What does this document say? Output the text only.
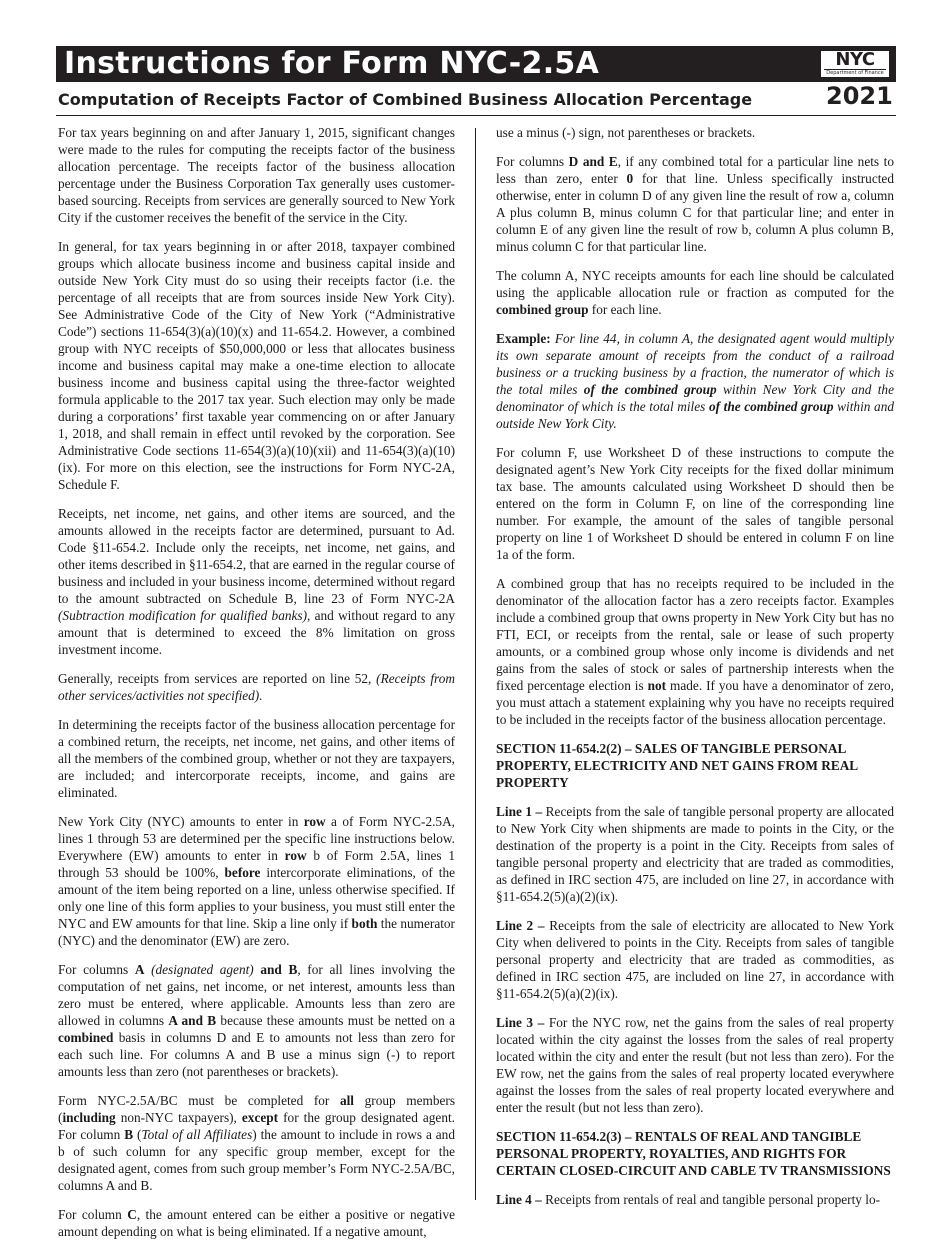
Instructions for Form NYC-2.5A	NYC
Department of Finance
Computation of Receipts Factor of Combined Business Allocation Percentage	2021

For tax years beginning on and after January 1, 2015, significant changes were made to the rules for computing the receipts factor of the business allocation percentage. The receipts factor of the business allocation percentage under the Business Corporation Tax generally uses customer-based sourcing. Receipts from services are generally sourced to New York City if the customer receives the benefit of the service in the City.

In general, for tax years beginning in or after 2018, taxpayer combined groups which allocate business income and business capital inside and outside New York City must do so using their receipts factor (i.e. the percentage of all receipts that are from sources inside New York City). See Administrative Code of the City of New York (“Administrative Code”) sections 11-654(3)(a)(10)(x) and 11-654.2. However, a combined group with NYC receipts of $50,000,000 or less that allocates business income and business capital may make a one-time election to allocate business income and business capital using the three-factor weighted formula applicable to the 2017 tax year. Such election may only be made during a corporations’ first taxable year commencing on or after January 1, 2018, and shall remain in effect until revoked by the corporation. See Administrative Code sections 11-654(3)(a)(10)(xii) and 11-654(3)(a)(10)(ix). For more on this election, see the instructions for Form NYC-2A, Schedule F.

Receipts, net income, net gains, and other items are sourced, and the amounts allowed in the receipts factor are determined, pursuant to Ad. Code §11-654.2. Include only the receipts, net income, net gains, and other items described in §11-654.2, that are earned in the regular course of business and included in your business income, determined without regard to the amount subtracted on Schedule B, line 23 of Form NYC-2A (Subtraction modification for qualified banks), and without regard to any amount that is determined to exceed the 8% limitation on gross investment income.

Generally, receipts from services are reported on line 52, (Receipts from other services/activities not specified).

In determining the receipts factor of the business allocation percentage for a combined return, the receipts, net income, net gains, and other items of all the members of the combined group, whether or not they are taxpayers, are included; and intercorporate receipts, income, and gains are eliminated.

New York City (NYC) amounts to enter in row a of Form NYC-2.5A, lines 1 through 53 are determined per the specific line instructions below. Everywhere (EW) amounts to enter in row b of Form 2.5A, lines 1 through 53 should be 100%, before intercorporate eliminations, of the amount of the item being reported on a line, unless otherwise specified. If only one line of this form applies to your business, you must still enter the NYC and EW amounts for that line. Skip a line only if both the numerator (NYC) and the denominator (EW) are zero.

For columns A (designated agent) and B, for all lines involving the computation of net gains, net income, or net interest, amounts less than zero must be entered, where applicable. Amounts less than zero are allowed in columns A and B because these amounts must be netted on a combined basis in columns D and E to amounts not less than zero for each such line. For columns A and B use a minus sign (-) to report amounts less than zero (not parentheses or brackets).

Form NYC-2.5A/BC must be completed for all group members (including non-NYC taxpayers), except for the group designated agent. For column B (Total of all Affiliates) the amount to include in rows a and b of such column for any specific group member, except for the designated agent, comes from such group member’s Form NYC-2.5A/BC, columns A and B.

For column C, the amount entered can be either a positive or negative amount depending on what is being eliminated. If a negative amount,

use a minus (-) sign, not parentheses or brackets.

For columns D and E, if any combined total for a particular line nets to less than zero, enter 0 for that line. Unless specifically instructed otherwise, enter in column D of any given line the result of row a, column A plus column B, minus column C for that particular line; and enter in column E of any given line the result of row b, column A plus column B, minus column C for that particular line.

The column A, NYC receipts amounts for each line should be calculated using the applicable allocation rule or fraction as computed for the combined group for each line.

Example: For line 44, in column A, the designated agent would multiply its own separate amount of receipts from the conduct of a railroad business or a trucking business by a fraction, the numerator of which is the total miles of the combined group within New York City and the denominator of which is the total miles of the combined group within and outside New York City.

For column F, use Worksheet D of these instructions to compute the designated agent’s New York City receipts for the fixed dollar minimum tax base. The amounts calculated using Worksheet D should then be entered on the form in Column F, on line of the corresponding line number. For example, the amount of the sales of tangible personal property on line 1 of Worksheet D should be entered in column F on line 1a of the form.

A combined group that has no receipts required to be included in the denominator of the allocation factor has a zero receipts factor. Examples include a combined group that owns property in New York City but has no FTI, ECI, or receipts from the rental, sale or lease of such property amounts, or a combined group whose only income is dividends and net gains from the sales of stock or sales of partnership interests when the fixed percentage election is not made. If you have a denominator of zero, you must attach a statement explaining why you have no receipts required to be included in the receipts factor of the business allocation percentage.

SECTION 11-654.2(2) – SALES OF TANGIBLE PERSONAL PROPERTY, ELECTRICITY AND NET GAINS FROM REAL PROPERTY

Line 1 – Receipts from the sale of tangible personal property are allocated to New York City when shipments are made to points in the City, or the destination of the property is a point in the City. Receipts from sales of tangible personal property and electricity that are traded as commodities, as defined in IRC section 475, are included on line 27, in accordance with §11-654.2(5)(a)(2)(ix).

Line 2 – Receipts from the sale of electricity are allocated to New York City when delivered to points in the City. Receipts from sales of tangible personal property and electricity that are traded as commodities, as defined in IRC section 475, are included on line 27, in accordance with §11-654.2(5)(a)(2)(ix).

Line 3 – For the NYC row, net the gains from the sales of real property located within the city against the losses from the sales of real property located within the city and enter the result (but not less than zero). For the EW row, net the gains from the sales of real property located everywhere against the losses from the sales of real property located everywhere and enter the result (but not less than zero).

SECTION 11-654.2(3) – RENTALS OF REAL AND TANGIBLE PERSONAL PROPERTY, ROYALTIES, AND RIGHTS FOR CERTAIN CLOSED-CIRCUIT AND CABLE TV TRANSMISSIONS

Line 4 – Receipts from rentals of real and tangible personal property lo-
